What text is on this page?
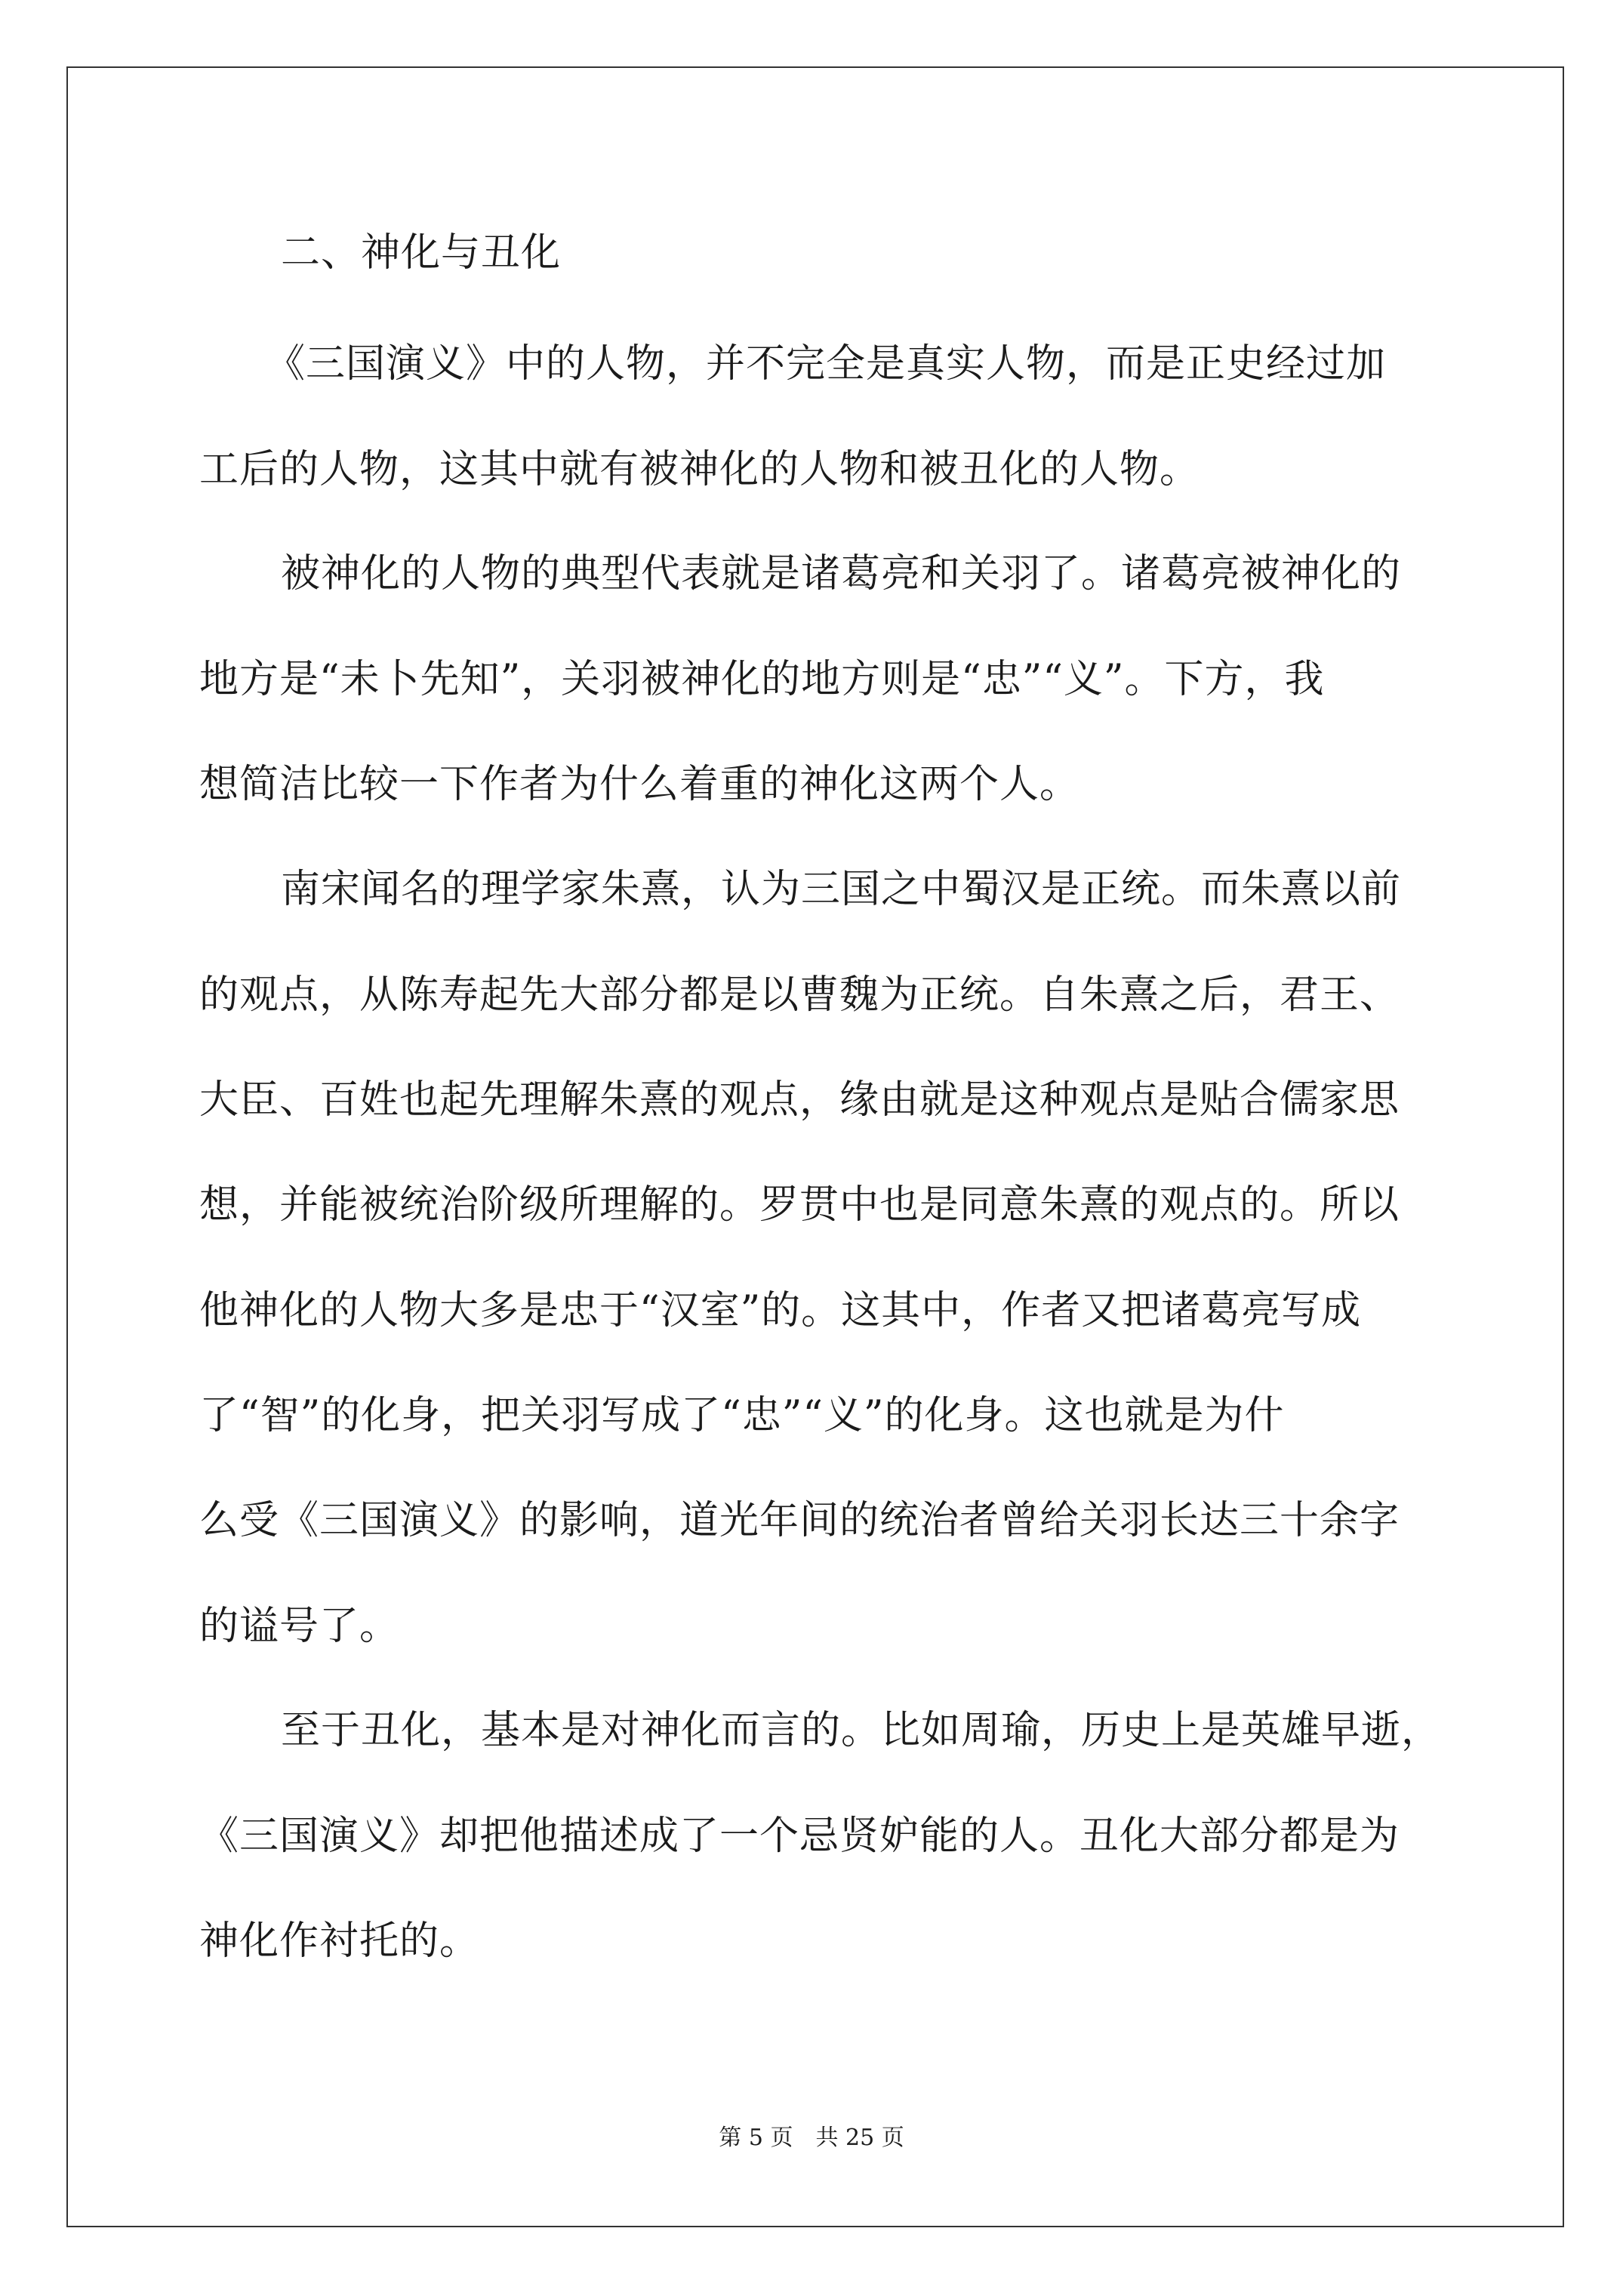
二、神化与丑化
《三国演义》中的人物，并不完全是真实人物，而是正史经过加
工后的人物，这其中就有被神化的人物和被丑化的人物。
被神化的人物的典型代表就是诸葛亮和关羽了。诸葛亮被神化的
地方是“未卜先知”，关羽被神化的地方则是“忠”“义”。下方，我
想简洁比较一下作者为什么着重的神化这两个人。
南宋闻名的理学家朱熹，认为三国之中蜀汉是正统。而朱熹以前
的观点，从陈寿起先大部分都是以曹魏为正统。自朱熹之后，君王、
大臣、百姓也起先理解朱熹的观点，缘由就是这种观点是贴合儒家思
想，并能被统治阶级所理解的。罗贯中也是同意朱熹的观点的。所以
他神化的人物大多是忠于“汉室”的。这其中，作者又把诸葛亮写成
了“智”的化身，把关羽写成了“忠”“义”的化身。这也就是为什
么受《三国演义》的影响，道光年间的统治者曾给关羽长达三十余字
的谥号了。
至于丑化，基本是对神化而言的。比如周瑜，历史上是英雄早逝，
《三国演义》却把他描述成了一个忌贤妒能的人。丑化大部分都是为
神化作衬托的。
第 5 页　共 25 页
